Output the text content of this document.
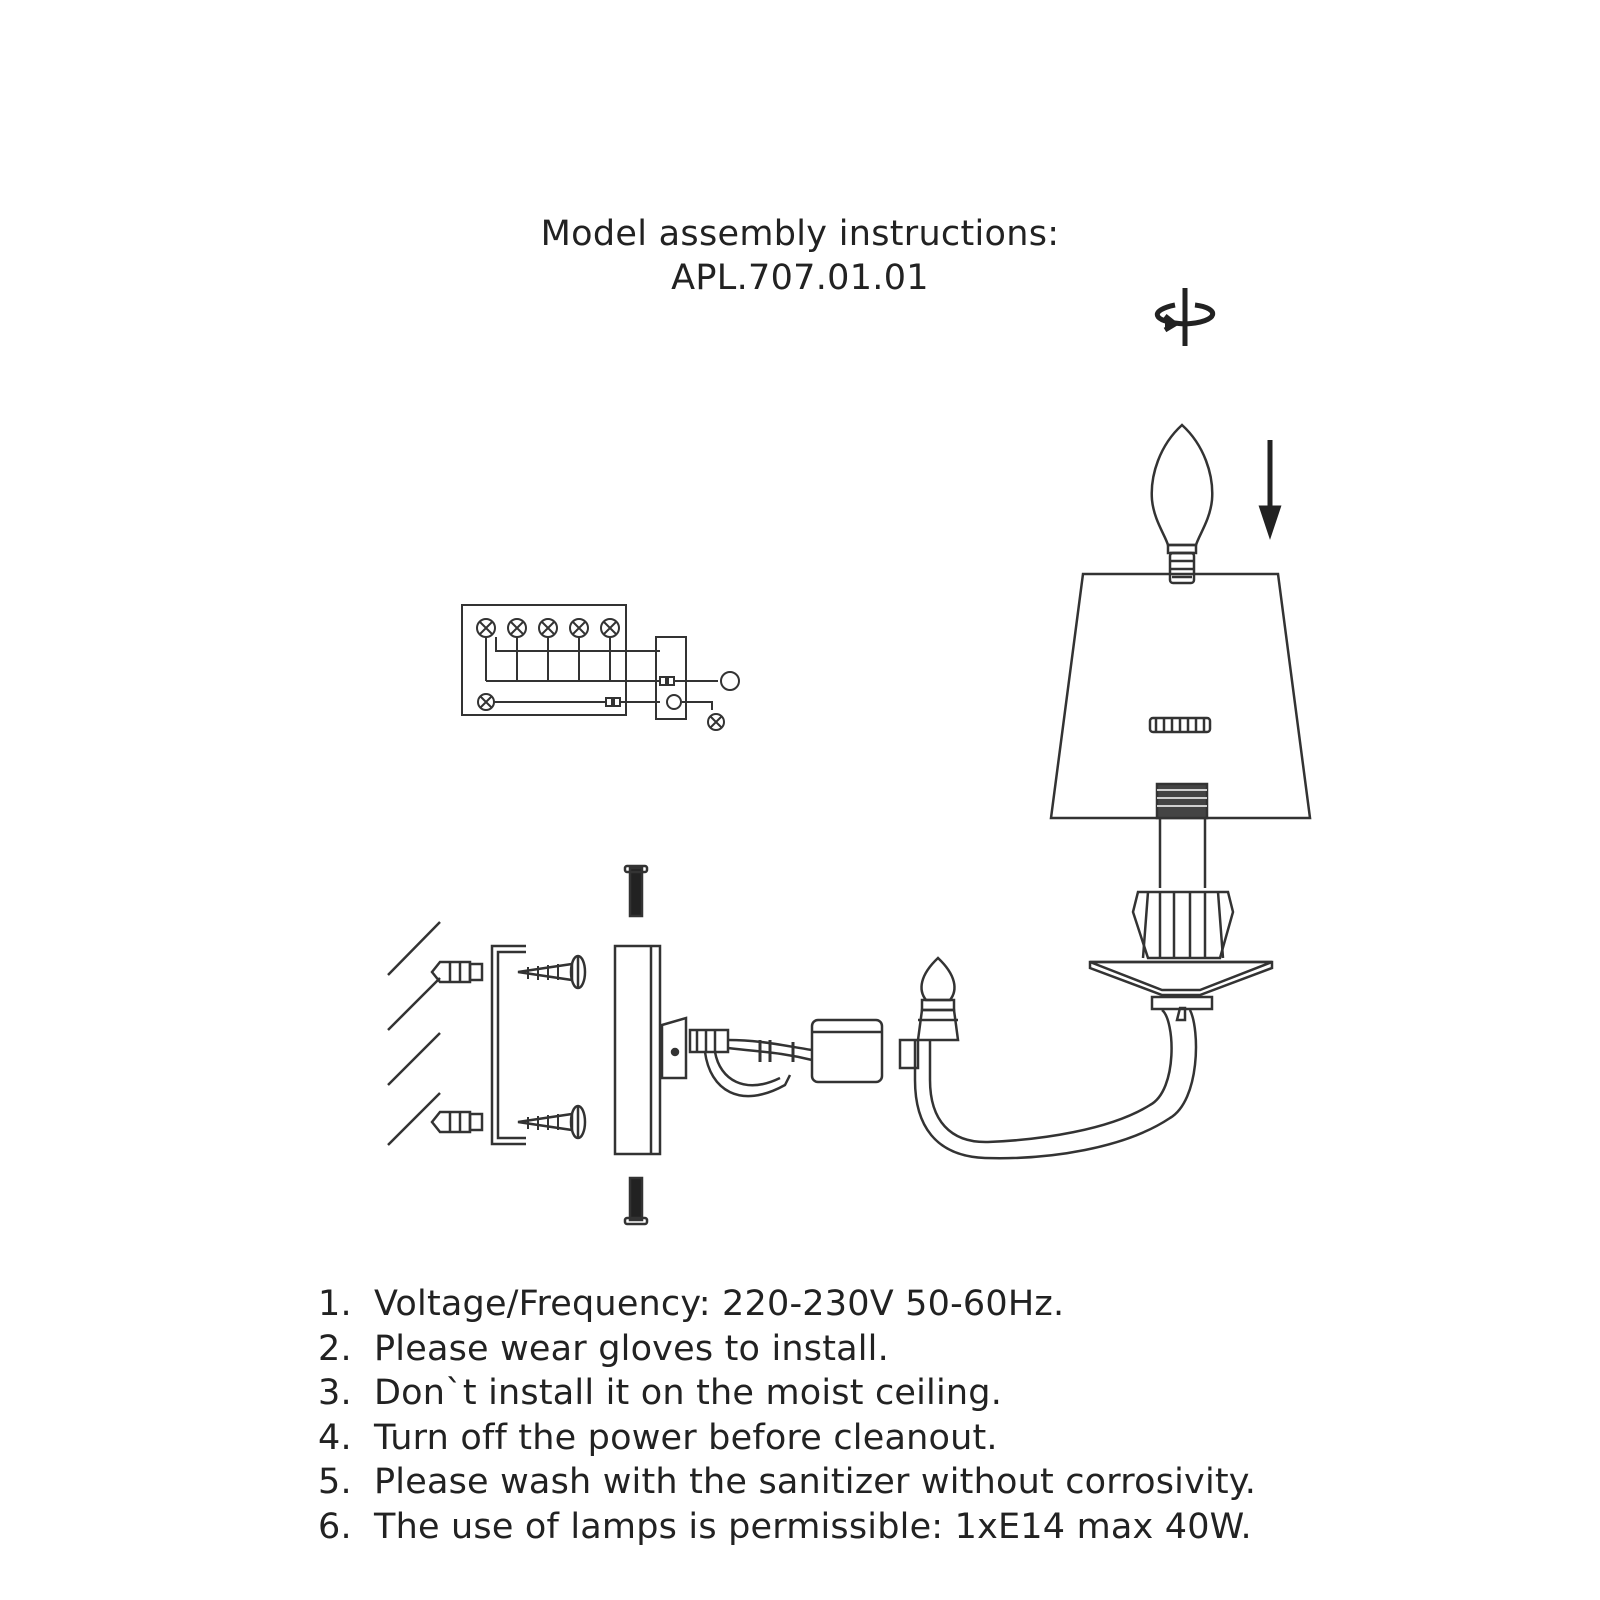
Model assembly instructions:
APL.707.01.01
1. Voltage/Frequency: 220-230V 50-60Hz.
2. Please wear gloves to install.
3. Don`t install it on the moist ceiling.
4. Turn off the power before cleanout.
5. Please wash with the sanitizer without corrosivity.
6. The use of lamps is permissible: 1xE14 max 40W.
